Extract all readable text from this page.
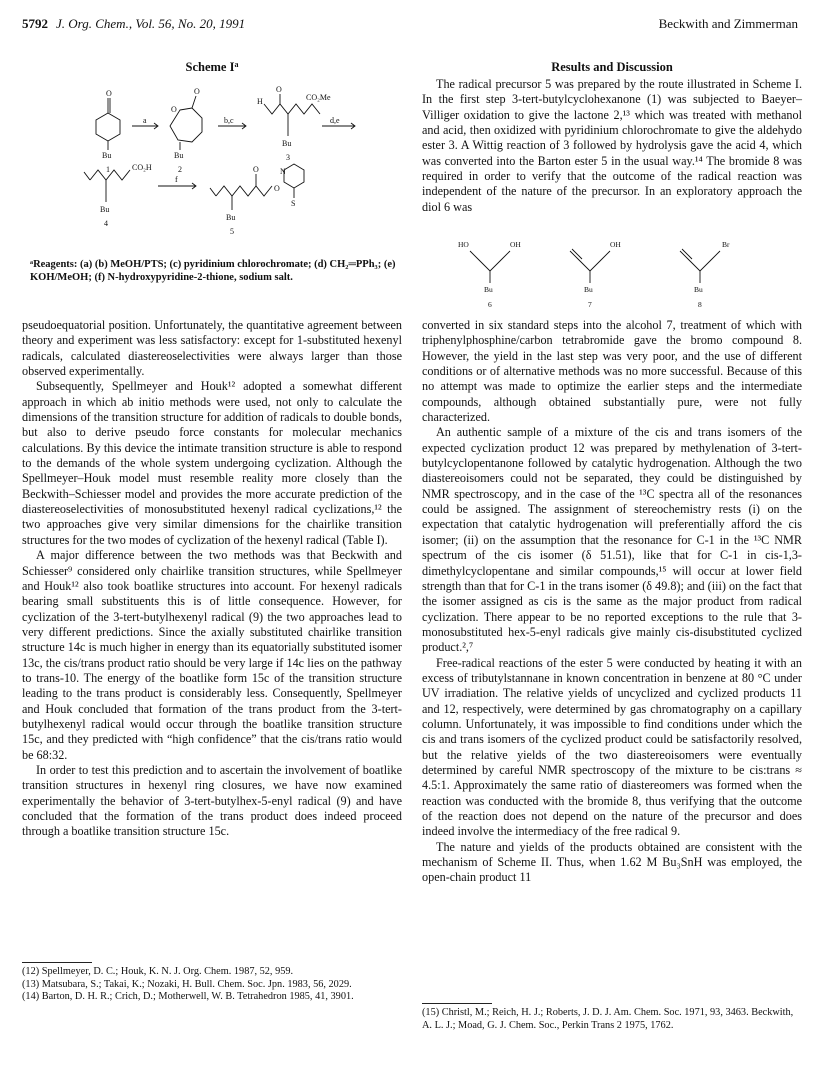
5792 J. Org. Chem., Vol. 56, No. 20, 1991	Beckwith and Zimmerman
Scheme $I^a$
O
Bu
1
a
O
O
Bu
2
b,c
H
O
CO₂Me
Bu
3
d,e
CO₂H
Bu
4
f
O
O
N
S
Bu
5
ᵃReagents: (a) (b) MeOH/PTS; (c) pyridinium chlorochromate; (d) CH₂═PPh₃; (e) KOH/MeOH; (f) N-hydroxypyridine-2-thione, sodium salt.

pseudoequatorial position. Unfortunately, the quantitative agreement between theory and experiment was less satisfactory: except for 1-substituted hexenyl radicals, calculated diastereoselectivities were always larger than those observed experimentally.

Subsequently, Spellmeyer and Houk¹² adopted a somewhat different approach in which ab initio methods were used, not only to calculate the dimensions of the transition structure for addition of radicals to double bonds, but also to derive pseudo force constants for molecular mechanics calculations. By this device the intimate transition structure is able to respond to the demands of the whole system undergoing cyclization. Although the Spellmeyer–Houk model must resemble reality more closely than the Beckwith–Schiesser model and provides the more accurate prediction of the diastereoselectivities of monosubstituted hexenyl radical cyclizations,¹² the two approaches give very similar dimensions for the chairlike transition structures for the two modes of cyclization of the hexenyl radical (Table I).

A major difference between the two methods was that Beckwith and Schiesser⁹ considered only chairlike transition structures, while Spellmeyer and Houk¹² also took boatlike structures into account. For hexenyl radicals bearing small substituents this is of little consequence. However, for cyclization of the 3-tert-butylhexenyl radical (9) the two approaches lead to very different predictions. Since the axially substituted chairlike transition structure 14c is much higher in energy than its equatorially substituted isomer 13c, the cis/trans product ratio should be very large if 14c lies on the pathway to trans-10. The energy of the boatlike form 15c of the transition structure leading to the trans product is considerably less. Consequently, Spellmeyer and Houk concluded that formation of the trans product from the 3-tert-butylhexenyl radical would occur through the boatlike transition structure 15c, and they predicted with “high confidence” that the cis/trans ratio would be 68:32.

In order to test this prediction and to ascertain the involvement of boatlike transition structures in hexenyl ring closures, we have now examined experimentally the behavior of 3-tert-butylhex-5-enyl radical (9) and have concluded that the formation of the trans product does indeed proceed through a boatlike transition structure 15c.

(12) Spellmeyer, D. C.; Houk, K. N. J. Org. Chem. 1987, 52, 959.

(13) Matsubara, S.; Takai, K.; Nozaki, H. Bull. Chem. Soc. Jpn. 1983, 56, 2029.

(14) Barton, D. H. R.; Crich, D.; Motherwell, W. B. Tetrahedron 1985, 41, 3901.

Results and Discussion

The radical precursor 5 was prepared by the route illustrated in Scheme I. In the first step 3-tert-butylcyclohexanone (1) was subjected to Baeyer–Villiger oxidation to give the lactone 2,¹³ which was treated with methanol and acid, then oxidized with pyridinium chlorochromate to give the aldehydo ester 3. A Wittig reaction of 3 followed by hydrolysis gave the acid 4, which was converted into the Barton ester 5 in the usual way.¹⁴ The bromide 8 was required in order to verify that the outcome of the radical reaction was independent of the nature of the precursor. In an exploratory approach the diol 6 was

HO	OH
Bu
6
OH
Bu
7
Br
Bu
8

converted in six standard steps into the alcohol 7, treatment of which with triphenylphosphine/carbon tetrabromide gave the bromo compound 8. However, the yield in the last step was very poor, and the use of different conditions or of alternative methods was no more successful. Because of this no attempt was made to optimize the earlier steps and the intermediate compounds, although obtained substantially pure, were not fully characterized.

An authentic sample of a mixture of the cis and trans isomers of the expected cyclization product 12 was prepared by methylenation of 3-tert-butylcyclopentanone followed by catalytic hydrogenation. Although the two diastereoisomers could not be separated, they could be distinguished by NMR spectroscopy, and in the case of the ¹³C spectra all of the resonances could be assigned. The assignment of stereochemistry rests (i) on the expectation that catalytic hydrogenation will preferentially afford the cis isomer; (ii) on the assumption that the resonance for C-1 in the ¹³C NMR spectrum of the cis isomer (δ 51.51), like that for C-1 in cis-1,3-dimethylcyclopentane and similar compounds,¹⁵ will occur at lower field strength than that for C-1 in the trans isomer (δ 49.8); and (iii) on the fact that the isomer assigned as cis is the same as the major product from radical cyclization. There appear to be no reported exceptions to the rule that 3-monosubstituted hex-5-enyl radicals give mainly cis-disubstituted cyclized product.²,⁷

Free-radical reactions of the ester 5 were conducted by heating it with an excess of tributylstannane in known concentration in benzene at 80 °C under UV irradiation. The relative yields of uncyclized and cyclized products 11 and 12, respectively, were determined by gas chromatography on a capillary column. Unfortunately, it was impossible to find conditions under which the cis and trans isomers of the cyclized product could be satisfactorily resolved, but the relative yields of the two diastereoisomers were eventually determined by careful NMR spectroscopy of the mixture to be cis:trans ≈ 4.5:1. Approximately the same ratio of diastereomers was formed when the reaction was conducted with the bromide 8, thus verifying that the outcome of the reaction does not depend on the nature of the precursor and does indeed involve the intermediacy of the free radical 9.

The nature and yields of the products obtained are consistent with the mechanism of Scheme II. Thus, when 1.62 M Bu₃SnH was employed, the open-chain product 11

(15) Christl, M.; Reich, H. J.; Roberts, J. D. J. Am. Chem. Soc. 1971, 93, 3463. Beckwith, A. L. J.; Moad, G. J. Chem. Soc., Perkin Trans 2 1975, 1762.
